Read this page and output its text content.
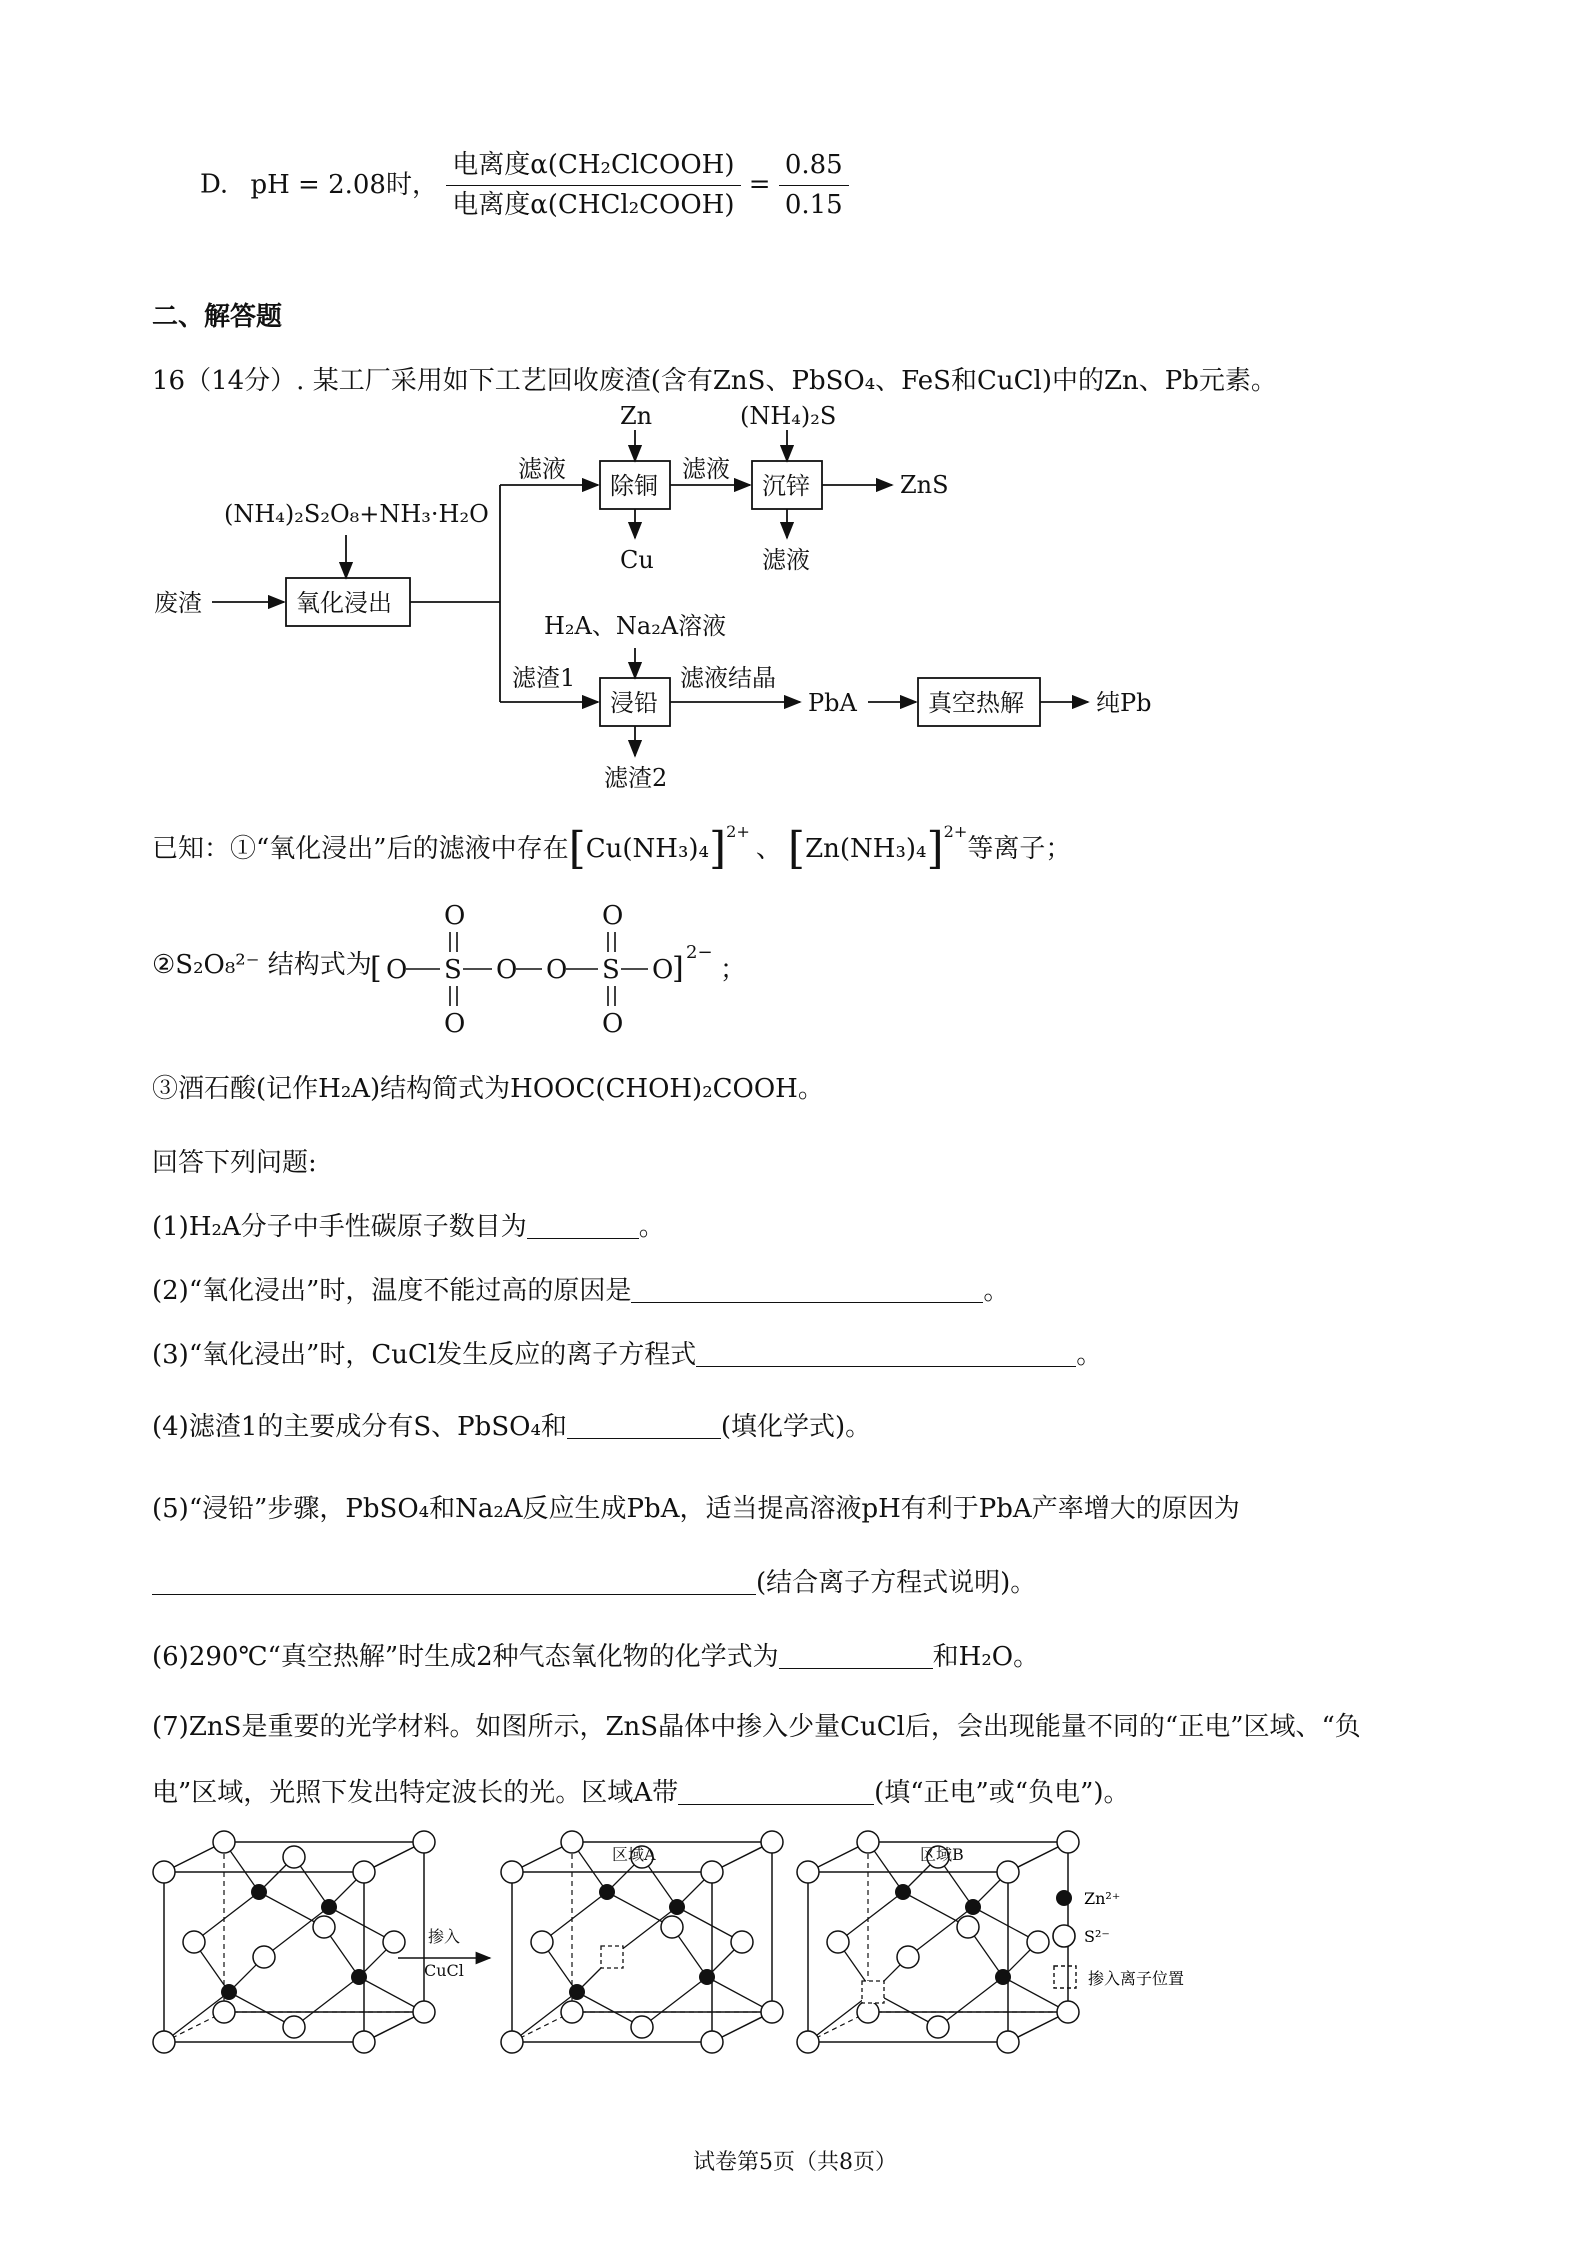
D. pH = 2.08时， $\frac{\text{电离度α(CH₂ClCOOH)}}{\text{电离度α(CHCl₂COOH)}} = \frac{0.85}{0.15}$
二、解答题
16（14分）. 某工厂采用如下工艺回收废渣(含有ZnS、PbSO₄、FeS和CuCl)中的Zn、Pb元素。
(NH₄)₂S₂O₈+NH₃·H₂O
废渣	氧化浸出
滤液
滤渣1
Zn
除铜
Cu
滤液
(NH₄)₂S
沉锌	ZnS
滤液
H₂A、Na₂A溶液
浸铅
滤液结晶
PbA	真空热解	纯Pb
滤渣2
已知：①“氧化浸出”后的滤液中存在$[Cu(NH_3)_4]^{2+}$、 $[Zn(NH_3)_4]^{2+}$等离子；
②S₂O₈²⁻ 结构式为
[ O S
O
O
O O S
O
O
O
] 2−
；
③酒石酸(记作H₂A)结构简式为HOOC(CHOH)₂COOH。
回答下列问题:
(1)H₂A分子中手性碳原子数目为	。
(2)“氧化浸出”时，温度不能过高的原因是	。
(3)“氧化浸出”时，CuCl发生反应的离子方程式	。
(4)滤渣1的主要成分有S、PbSO₄和	(填化学式)。
(5)“浸铅”步骤，PbSO₄和Na₂A反应生成PbA，适当提高溶液pH有利于PbA产率增大的原因为
(结合离子方程式说明)。
(6)290℃“真空热解”时生成2种气态氧化物的化学式为	和H₂O。
(7)ZnS是重要的光学材料。如图所示，ZnS晶体中掺入少量CuCl后，会出现能量不同的“正电”区域、“负
电”区域，光照下发出特定波长的光。区域A带	(填“正电”或“负电”)。
掺入
CuCl
区域A	区域B
Zn²⁺
S²⁻
掺入离子位置
试卷第5页（共8页）
